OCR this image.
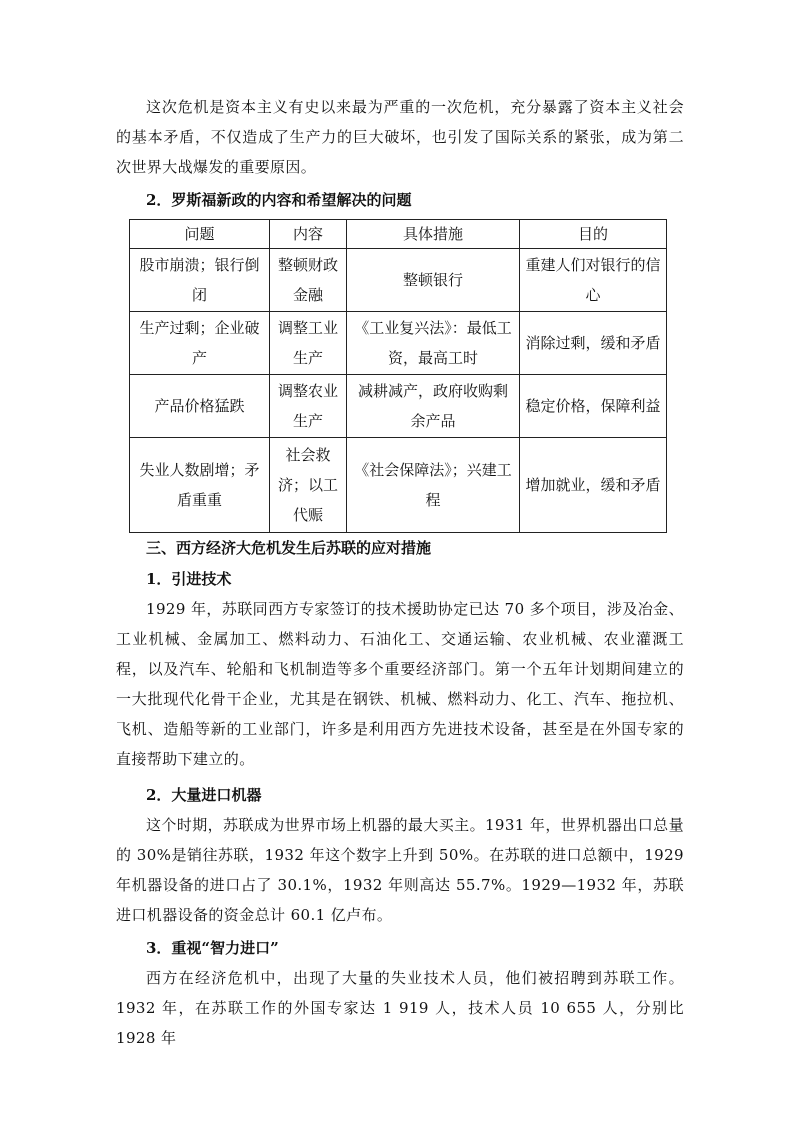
这次危机是资本主义有史以来最为严重的一次危机，充分暴露了资本主义社会的基本矛盾，不仅造成了生产力的巨大破坏，也引发了国际关系的紧张，成为第二次世界大战爆发的重要原因。

2．罗斯福新政的内容和希望解决的问题

问题	内容	具体措施	目的
股市崩溃；银行倒闭	整顿财政金融	整顿银行	重建人们对银行的信心
生产过剩；企业破产	调整工业生产	《工业复兴法》：最低工资，最高工时	消除过剩，缓和矛盾
产品价格猛跌	调整农业生产	减耕减产，政府收购剩余产品	稳定价格，保障利益
失业人数剧增；矛盾重重	社会救济；以工代赈	《社会保障法》；兴建工程	增加就业，缓和矛盾

三、西方经济大危机发生后苏联的应对措施

1．引进技术

1929 年，苏联同西方专家签订的技术援助协定已达 70 多个项目，涉及冶金、工业机械、金属加工、燃料动力、石油化工、交通运输、农业机械、农业灌溉工程，以及汽车、轮船和飞机制造等多个重要经济部门。第一个五年计划期间建立的一大批现代化骨干企业，尤其是在钢铁、机械、燃料动力、化工、汽车、拖拉机、飞机、造船等新的工业部门，许多是利用西方先进技术设备，甚至是在外国专家的直接帮助下建立的。

2．大量进口机器

这个时期，苏联成为世界市场上机器的最大买主。1931 年，世界机器出口总量的 30%是销往苏联，1932 年这个数字上升到 50%。在苏联的进口总额中，1929 年机器设备的进口占了 30.1%，1932 年则高达 55.7%。1929—1932 年，苏联进口机器设备的资金总计 60.1 亿卢布。

3．重视“智力进口”

西方在经济危机中，出现了大量的失业技术人员，他们被招聘到苏联工作。1932 年，在苏联工作的外国专家达 1 919 人，技术人员 10 655 人，分别比 1928 年
